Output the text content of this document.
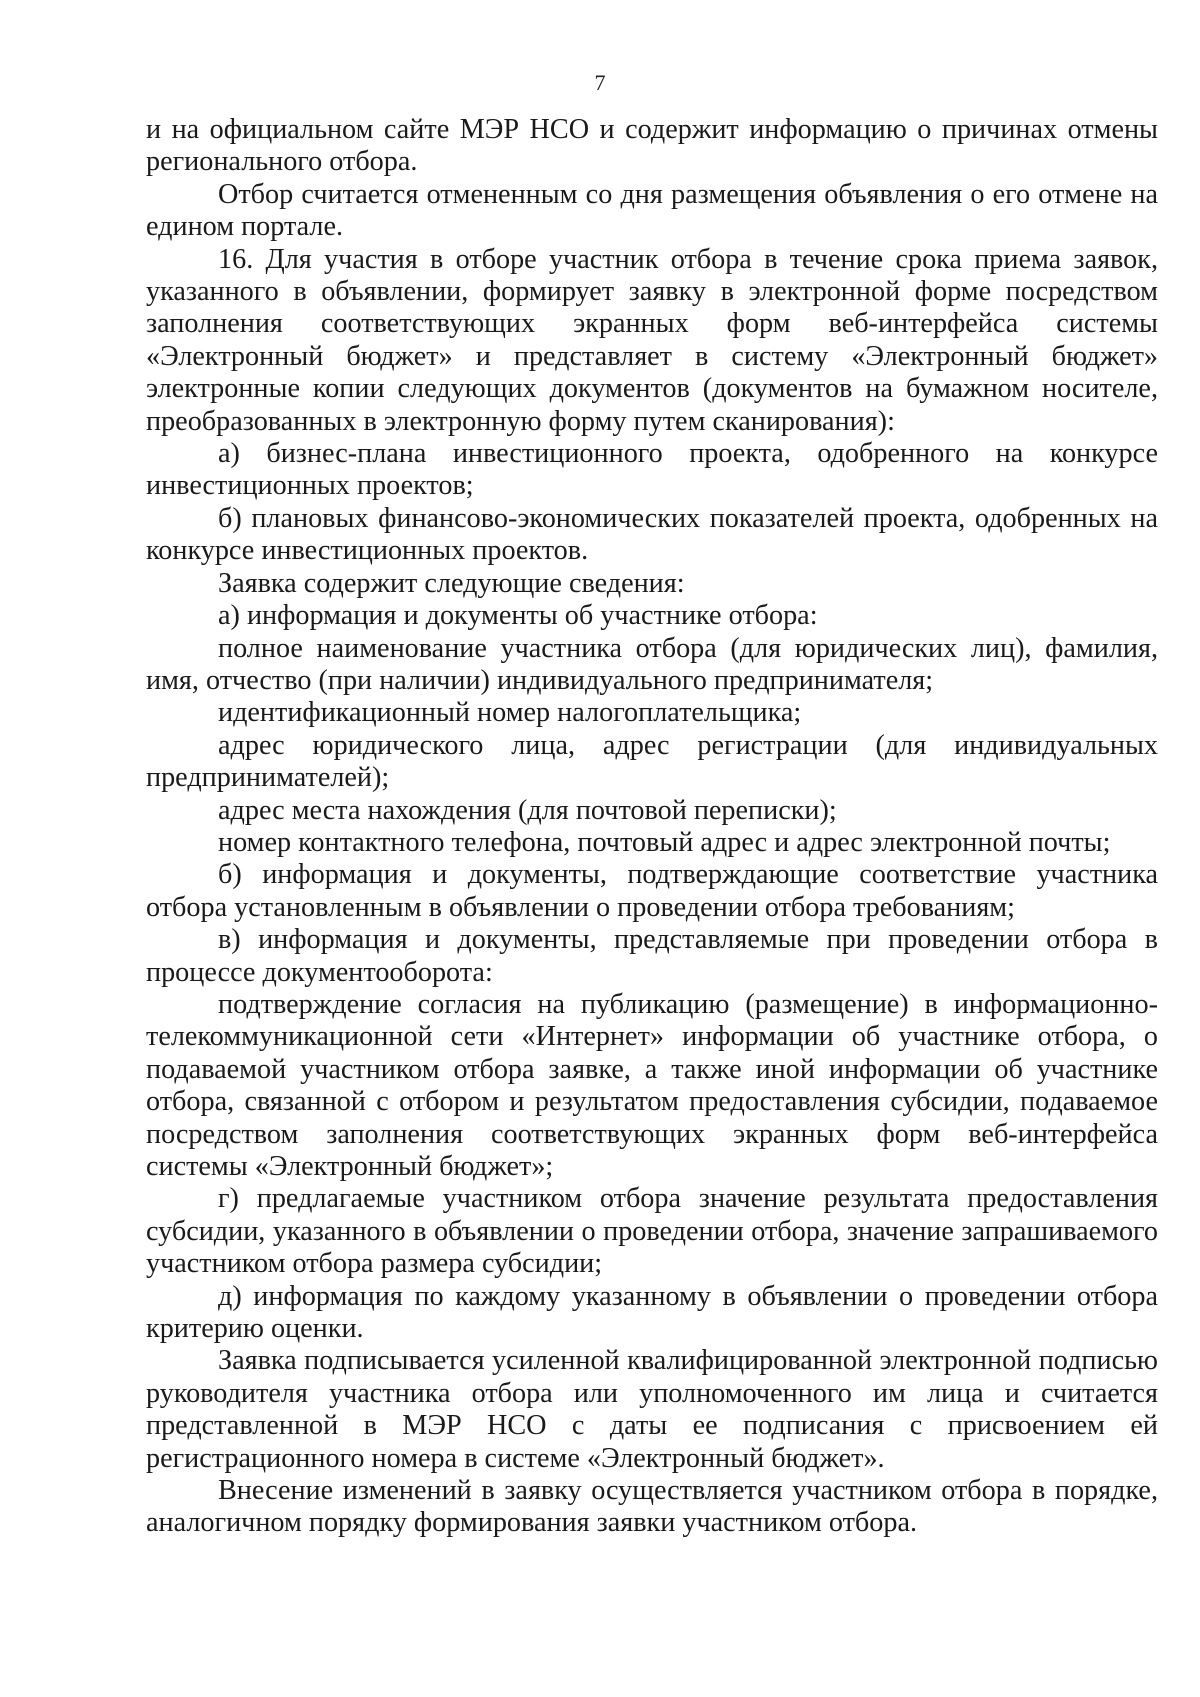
7

и на официальном сайте МЭР НСО и содержит информацию о причинах отмены регионального отбора.

Отбор считается отмененным со дня размещения объявления о его отмене на едином портале.

16. Для участия в отборе участник отбора в течение срока приема заявок, указанного в объявлении, формирует заявку в электронной форме посредством заполнения соответствующих экранных форм веб-интерфейса системы «Электронный бюджет» и представляет в систему «Электронный бюджет» электронные копии следующих документов (документов на бумажном носителе, преобразованных в электронную форму путем сканирования):

а) бизнес-плана инвестиционного проекта, одобренного на конкурсе инвестиционных проектов;

б) плановых финансово-экономических показателей проекта, одобренных на конкурсе инвестиционных проектов.

Заявка содержит следующие сведения:

а) информация и документы об участнике отбора:

полное наименование участника отбора (для юридических лиц), фамилия, имя, отчество (при наличии) индивидуального предпринимателя;

идентификационный номер налогоплательщика;

адрес юридического лица, адрес регистрации (для индивидуальных предпринимателей);

адрес места нахождения (для почтовой переписки);

номер контактного телефона, почтовый адрес и адрес электронной почты;

б) информация и документы, подтверждающие соответствие участника отбора установленным в объявлении о проведении отбора требованиям;

в) информация и документы, представляемые при проведении отбора в процессе документооборота:

подтверждение согласия на публикацию (размещение) в информационно-телекоммуникационной сети «Интернет» информации об участнике отбора, о подаваемой участником отбора заявке, а также иной информации об участнике отбора, связанной с отбором и результатом предоставления субсидии, подаваемое посредством заполнения соответствующих экранных форм веб-интерфейса системы «Электронный бюджет»;

г) предлагаемые участником отбора значение результата предоставления субсидии, указанного в объявлении о проведении отбора, значение запрашиваемого участником отбора размера субсидии;

д) информация по каждому указанному в объявлении о проведении отбора критерию оценки.

Заявка подписывается усиленной квалифицированной электронной подписью руководителя участника отбора или уполномоченного им лица и считается представленной в МЭР НСО с даты ее подписания с присвоением ей регистрационного номера в системе «Электронный бюджет».

Внесение изменений в заявку осуществляется участником отбора в порядке, аналогичном порядку формирования заявки участником отбора.
